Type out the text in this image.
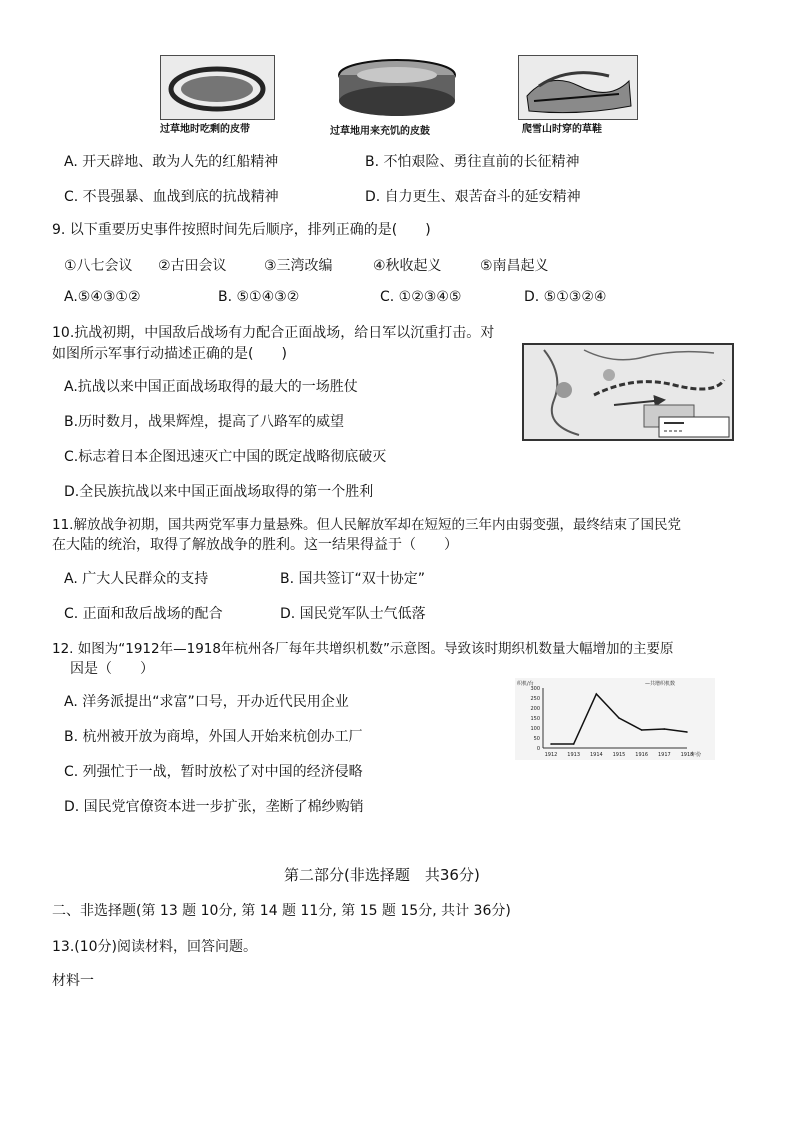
过草地时吃剩的皮带	过草地用来充饥的皮鼓	爬雪山时穿的草鞋
A. 开天辟地、敢为人先的红船精神	B. 不怕艰险、勇往直前的长征精神
C. 不畏强暴、血战到底的抗战精神	D. 自力更生、艰苦奋斗的延安精神
9. 以下重要历史事件按照时间先后顺序，排列正确的是(　　)
①八七会议 ②古田会议	③三湾改编	④秋收起义	⑤南昌起义
A.⑤④③①②	B. ⑤①④③②	C. ①②③④⑤	D. ⑤①③②④
10.抗战初期，中国敌后战场有力配合正面战场，给日军以沉重打击。对
如图所示军事行动描述正确的是(　　)
A.抗战以来中国正面战场取得的最大的一场胜仗
B.历时数月，战果辉煌，提高了八路军的威望
C.标志着日本企图迅速灭亡中国的既定战略彻底破灭
D.全民族抗战以来中国正面战场取得的第一个胜利
11.解放战争初期，国共两党军事力量悬殊。但人民解放军却在短短的三年内由弱变强，最终结束了国民党
在大陆的统治，取得了解放战争的胜利。这一结果得益于（　　）
A. 广大人民群众的支持	B. 国共签订“双十协定”
C. 正面和敌后战场的配合	D. 国民党军队士气低落
12. 如图为“1912年—1918年杭州各厂每年共增织机数”示意图。导致该时期织机数量大幅增加的主要原
因是（　　）
A. 洋务派提出“求富”口号，开办近代民用企业
B. 杭州被开放为商埠，外国人开始来杭创办工厂
C. 列强忙于一战，暂时放松了对中国的经济侵略
D. 国民党官僚资本进一步扩张，垄断了棉纱购销
织机/台	—共增织机数
0
50
100
150
200
250
300
1912 1913 1914 1915 1916 1917 1918
年份
第二部分(非选择题　共36分)
二、非选择题(第 13 题 10分, 第 14 题 11分, 第 15 题 15分, 共计 36分)
13.(10分)阅读材料，回答问题。
材料一
